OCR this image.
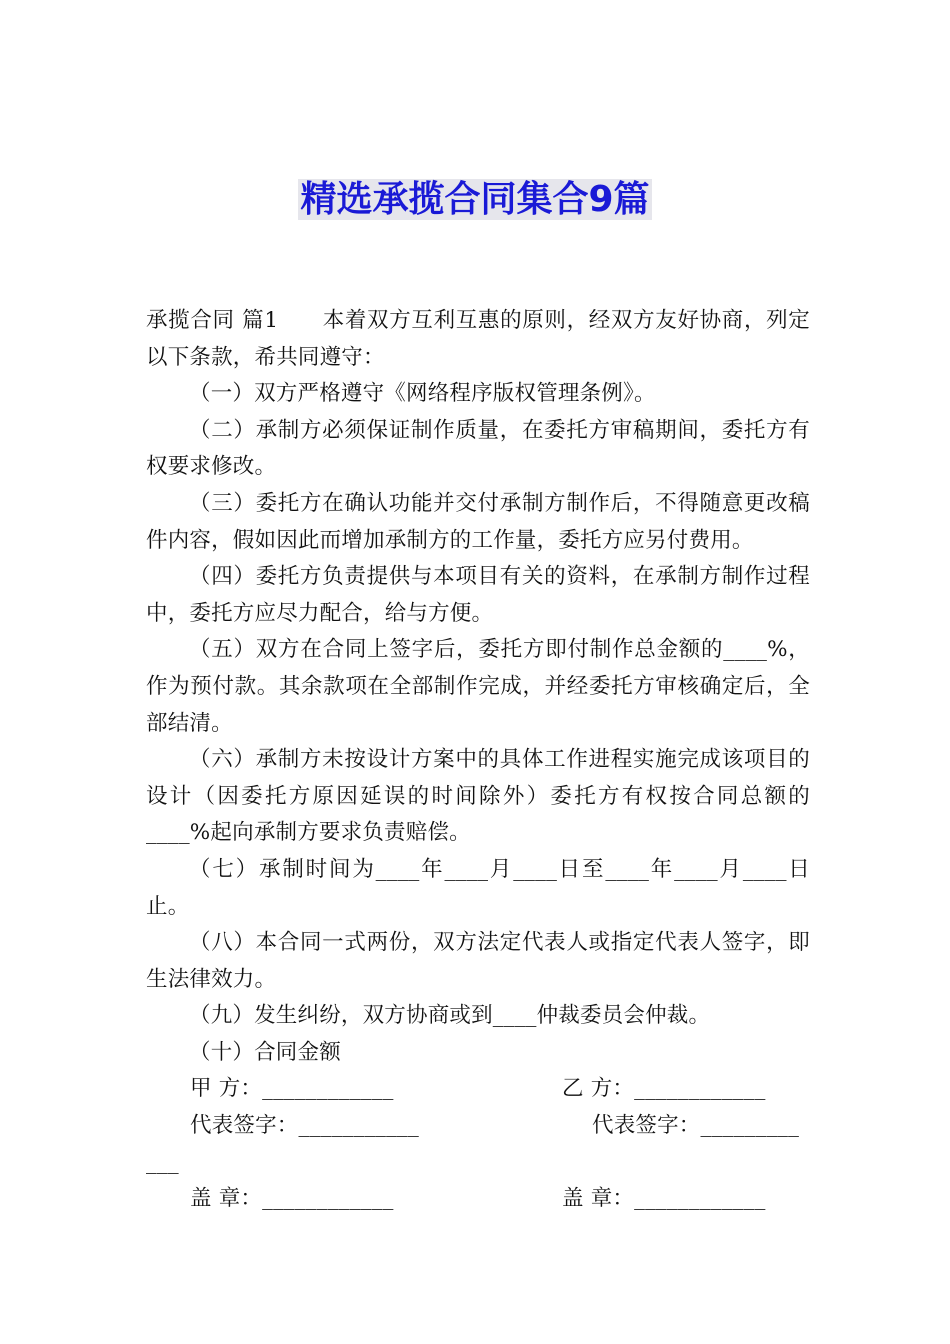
精选承揽合同集合9篇

承揽合同 篇1 本着双方互利互惠的原则，经双方友好协商，列定以下条款，希共同遵守：

（一）双方严格遵守《网络程序版权管理条例》。

（二）承制方必须保证制作质量，在委托方审稿期间，委托方有权要求修改。

（三）委托方在确认功能并交付承制方制作后，不得随意更改稿件内容，假如因此而增加承制方的工作量，委托方应另付费用。

（四）委托方负责提供与本项目有关的资料，在承制方制作过程中，委托方应尽力配合，给与方便。

（五）双方在合同上签字后，委托方即付制作总金额的____%，作为预付款。其余款项在全部制作完成，并经委托方审核确定后，全部结清。

（六）承制方未按设计方案中的具体工作进程实施完成该项目的设计（因委托方原因延误的时间除外）委托方有权按合同总额的____%起向承制方要求负责赔偿。

（七）承制时间为____年____月____日至____年____月____日止。

（八）本合同一式两份，双方法定代表人或指定代表人签字，即生法律效力。

（九）发生纠纷，双方协商或到____仲裁委员会仲裁。

（十）合同金额

甲 方：____________	乙 方：____________
代表签字：___________	代表签字：_________
___
盖 章：____________	盖 章：____________
